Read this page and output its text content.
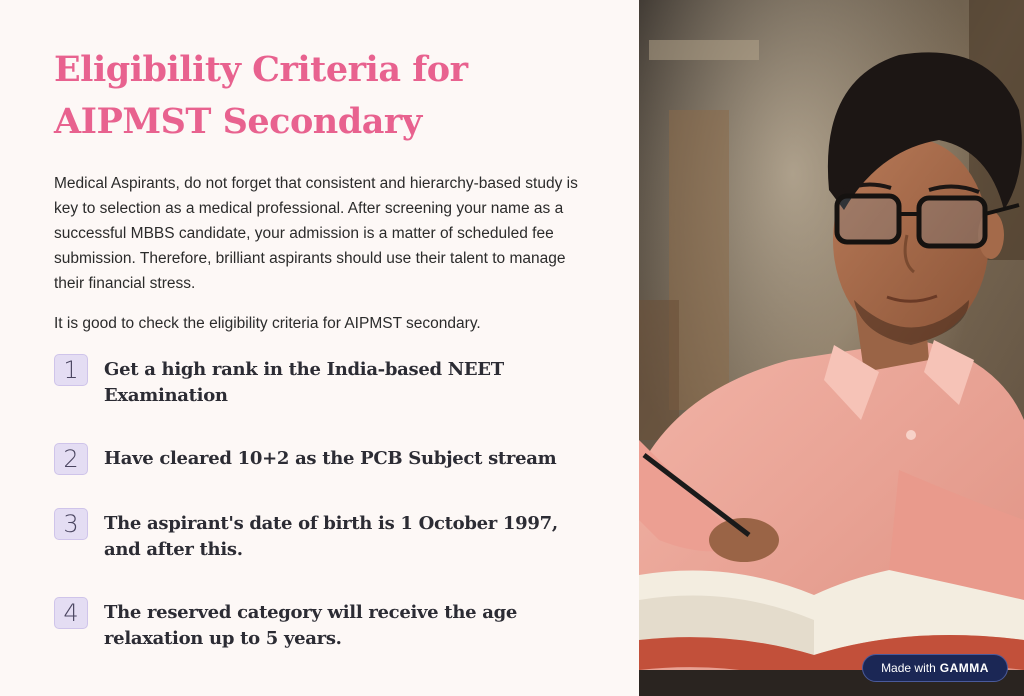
Eligibility Criteria for AIPMST Secondary

Medical Aspirants, do not forget that consistent and hierarchy-based study is key to selection as a medical professional. After screening your name as a successful MBBS candidate, your admission is a matter of scheduled fee submission. Therefore, brilliant aspirants should use their talent to manage their financial stress.

It is good to check the eligibility criteria for AIPMST secondary.

1	Get a high rank in the India-based NEET Examination
2	Have cleared 10+2 as the PCB Subject stream
3	The aspirant's date of birth is 1 October 1997, and after this.
4	The reserved category will receive the age relaxation up to 5 years.
Made with GAMMA
